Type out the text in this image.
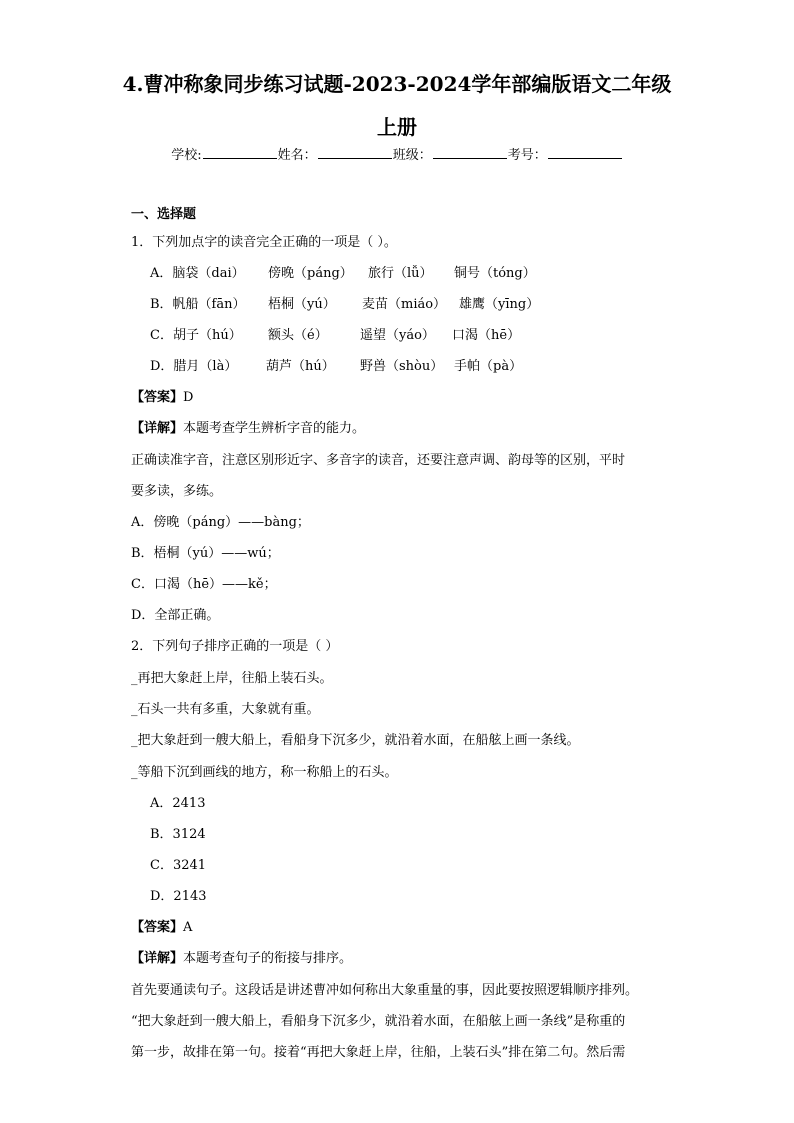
4.曹冲称象同步练习试题-2023-2024学年部编版语文二年级
上册
学校:	姓名：	班级：	考号：
一、选择题
1．下列加点字的读音完全正确的一项是（ ）。
A．脑袋（dai） 傍晚（páng） 旅行（lǚ） 铜号（tóng）
B．帆船（fān） 梧桐（yú） 麦苗（miáo） 雄鹰（yīng）
C．胡子（hú） 额头（é） 遥望（yáo） 口渴（hē）
D．腊月（là） 葫芦（hú） 野兽（shòu） 手帕（pà）
【答案】D
【详解】本题考查学生辨析字音的能力。
正确读准字音，注意区别形近字、多音字的读音，还要注意声调、韵母等的区别，平时
要多读，多练。
A．傍晚（páng）——bàng；
B．梧桐（yú）——wú；
C．口渴（hē）——kě；
D．全部正确。
2．下列句子排序正确的一项是（ ）
_再把大象赶上岸，往船上装石头。
_石头一共有多重，大象就有重。
_把大象赶到一艘大船上，看船身下沉多少，就沿着水面，在船舷上画一条线。
_等船下沉到画线的地方，称一称船上的石头。
A．2413
B．3124
C．3241
D．2143
【答案】A
【详解】本题考查句子的衔接与排序。
首先要通读句子。这段话是讲述曹冲如何称出大象重量的事，因此要按照逻辑顺序排列。
“把大象赶到一艘大船上，看船身下沉多少，就沿着水面，在船舷上画一条线”是称重的
第一步，故排在第一句。接着“再把大象赶上岸，往船，上装石头”排在第二句。然后需
